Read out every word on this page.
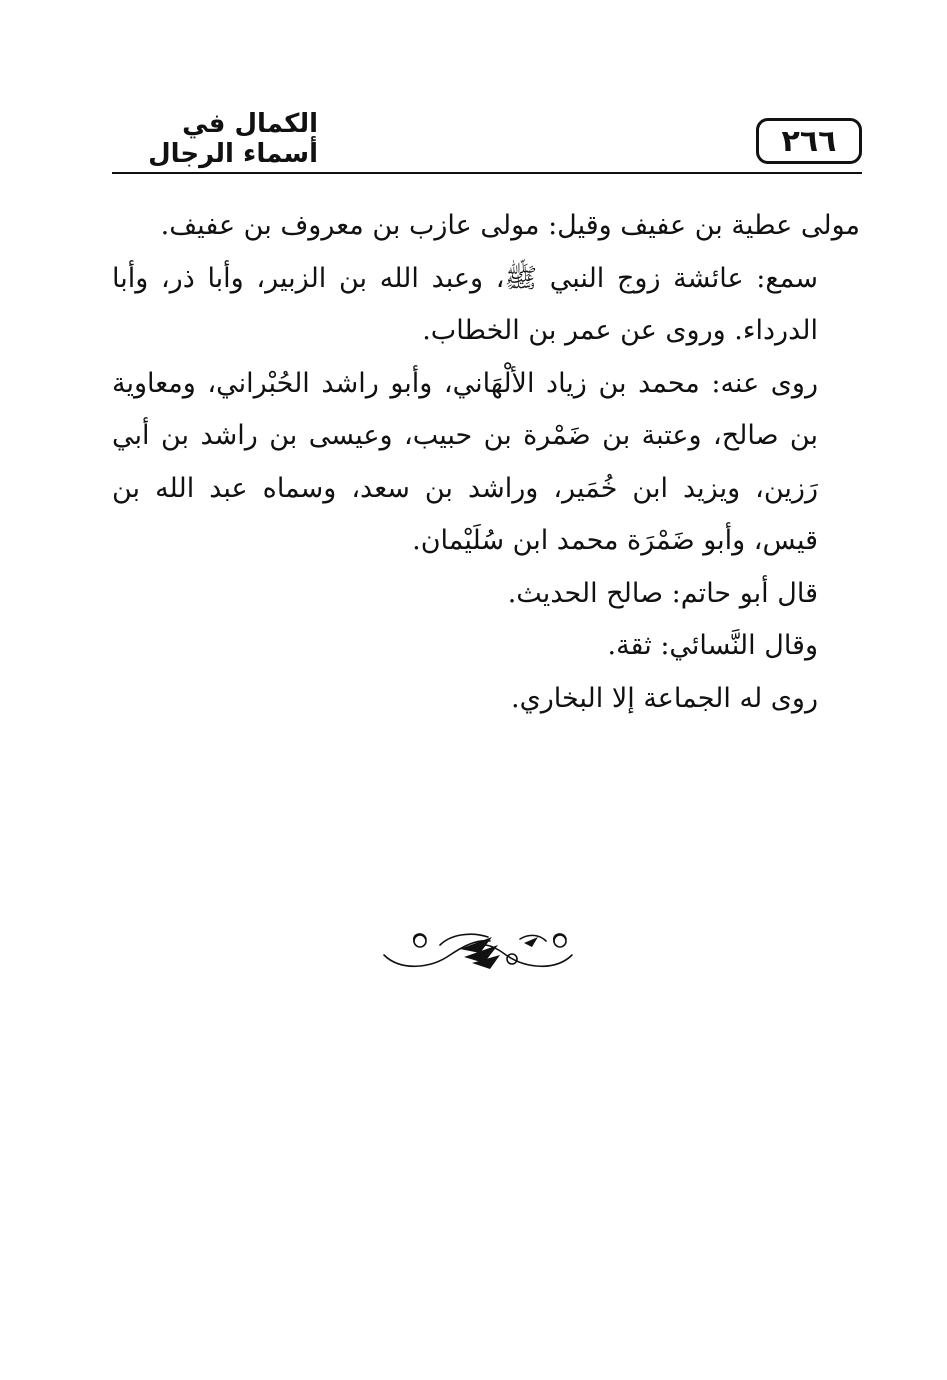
٢٦٦
الكمال في أسماء الرجال

مولى عطية بن عفيف وقيل: مولى عازب بن معروف بن عفيف.

سمع: عائشة زوج النبي ﷺ، وعبد الله بن الزبير، وأبا ذر، وأبا الدرداء. وروى عن عمر بن الخطاب.

روى عنه: محمد بن زياد الألْهَاني، وأبو راشد الحُبْراني، ومعاوية بن صالح، وعتبة بن ضَمْرة بن حبيب، وعيسى بن راشد بن أبي رَزين، ويزيد ابن خُمَير، وراشد بن سعد، وسماه عبد الله بن قيس، وأبو ضَمْرَة محمد ابن سُلَيْمان.

قال أبو حاتم: صالح الحديث.

وقال النَّسائي: ثقة.

روى له الجماعة إلا البخاري.
